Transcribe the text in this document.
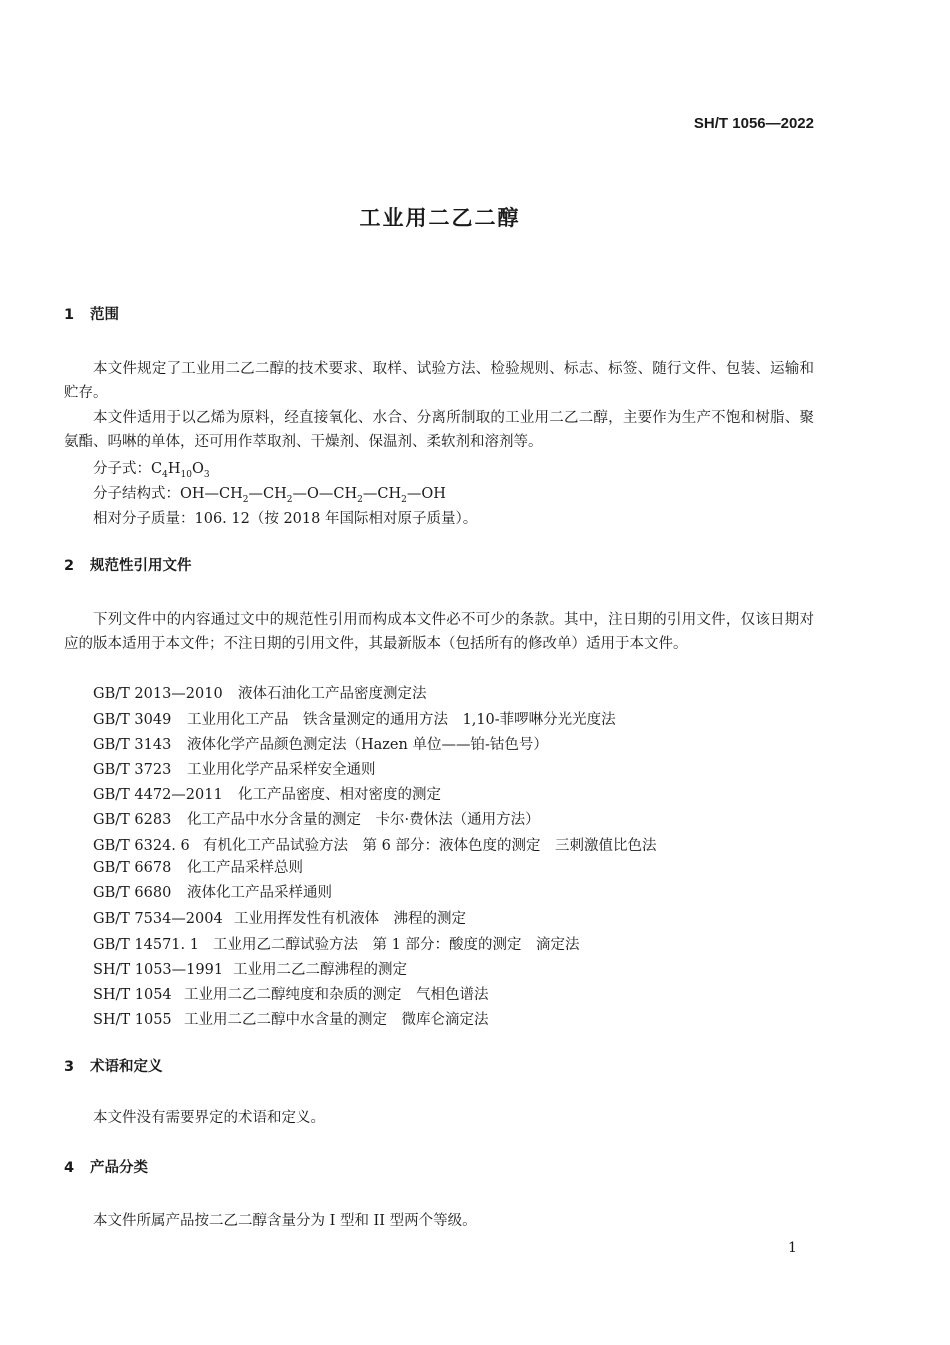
SH/T 1056—2022
工业用二乙二醇
1 范围
本文件规定了工业用二乙二醇的技术要求、取样、试验方法、检验规则、标志、标签、随行文件、包装、运输和贮存。
本文件适用于以乙烯为原料，经直接氧化、水合、分离所制取的工业用二乙二醇，主要作为生产不饱和树脂、聚氨酯、吗啉的单体，还可用作萃取剂、干燥剂、保温剂、柔软剂和溶剂等。
分子式：$C_4H_{10}O_3$
分子结构式：$OH—CH_2—CH_2—O—CH_2—CH_2—OH$
相对分子质量：106. 12（按 2018 年国际相对原子质量）。
2 规范性引用文件
下列文件中的内容通过文中的规范性引用而构成本文件必不可少的条款。其中，注日期的引用文件，仅该日期对应的版本适用于本文件；不注日期的引用文件，其最新版本（包括所有的修改单）适用于本文件。
GB/T 2013—2010 液体石油化工产品密度测定法
GB/T 3049 工业用化工产品　铁含量测定的通用方法　1,10-菲啰啉分光光度法
GB/T 3143 液体化学产品颜色测定法（Hazen 单位——铂-钴色号）
GB/T 3723 工业用化学产品采样安全通则
GB/T 4472—2011 化工产品密度、相对密度的测定
GB/T 6283 化工产品中水分含量的测定　卡尔·费休法（通用方法）
GB/T 6324. 6 有机化工产品试验方法　第 6 部分：液体色度的测定　三刺激值比色法
GB/T 6678 化工产品采样总则
GB/T 6680 液体化工产品采样通则
GB/T 7534—2004 工业用挥发性有机液体　沸程的测定
GB/T 14571. 1 工业用乙二醇试验方法　第 1 部分：酸度的测定　滴定法
SH/T 1053—1991 工业用二乙二醇沸程的测定
SH/T 1054 工业用二乙二醇纯度和杂质的测定　气相色谱法
SH/T 1055 工业用二乙二醇中水含量的测定　微库仑滴定法
3 术语和定义
本文件没有需要界定的术语和定义。
4 产品分类
本文件所属产品按二乙二醇含量分为 I 型和 II 型两个等级。
1
